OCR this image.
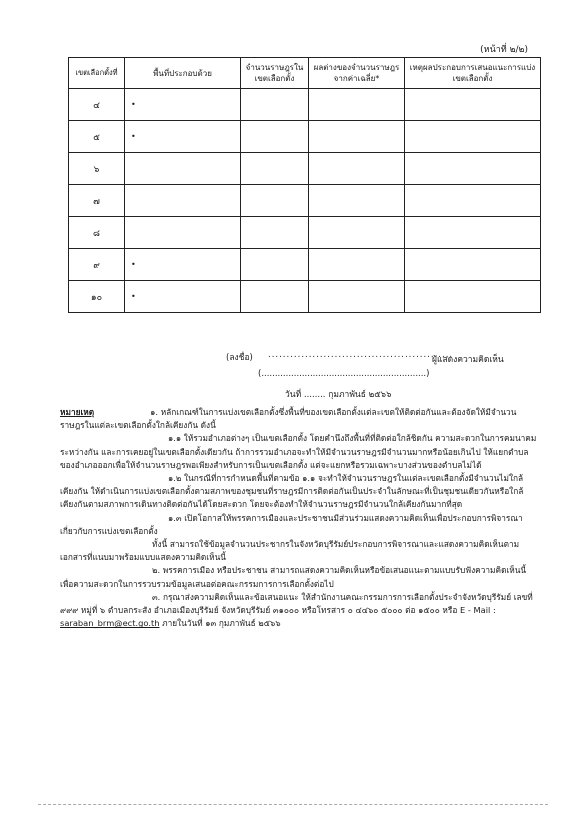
(หน้าที่ ๒/๒)
เขตเลือกตั้งที่	พื้นที่ประกอบด้วย	จำนวนราษฎรในเขตเลือกตั้ง	ผลต่างของจำนวนราษฎรจากค่าเฉลี่ย*	เหตุผลประกอบการเสนอแนะการแบ่งเขตเลือกตั้ง
๔	•			
๕	•			
๖				
๗				
๘				
๙	•			
๑๐	•			
(ลงชื่อ) ..................................................
ผู้แสดงความคิดเห็น
(.............................................................)
วันที่ ........ กุมภาพันธ์ ๒๕๖๖

หมายเหตุ	๑. หลักเกณฑ์ในการแบ่งเขตเลือกตั้งซึ่งพื้นที่ของเขตเลือกตั้งแต่ละเขตให้ติดต่อกันและต้องจัดให้มีจำนวนราษฎรในแต่ละเขตเลือกตั้งใกล้เคียงกัน ดังนี้

๑.๑ ให้รวมอำเภอต่างๆ เป็นเขตเลือกตั้ง โดยคำนึงถึงพื้นที่ที่ติดต่อใกล้ชิดกัน ความสะดวกในการคมนาคมระหว่างกัน และการเคยอยู่ในเขตเลือกตั้งเดียวกัน ถ้าการรวมอำเภอจะทำให้มีจำนวนราษฎรมีจำนวนมากหรือน้อยเกินไป ให้แยกตำบลของอำเภอออกเพื่อให้จำนวนราษฎรพอเพียงสำหรับการเป็นเขตเลือกตั้ง แต่จะแยกหรือรวมเฉพาะบางส่วนของตำบลไม่ได้

๑.๒ ในกรณีที่การกำหนดพื้นที่ตามข้อ ๑.๑ จะทำให้จำนวนราษฎรในแต่ละเขตเลือกตั้งมีจำนวนไม่ใกล้เคียงกัน ให้ดำเนินการแบ่งเขตเลือกตั้งตามสภาพของชุมชนที่ราษฎรมีการติดต่อกันเป็นประจำในลักษณะที่เป็นชุมชนเดียวกันหรือใกล้เคียงกันตามสภาพการเดินทางติดต่อกันได้โดยสะดวก โดยจะต้องทำให้จำนวนราษฎรมีจำนวนใกล้เคียงกันมากที่สุด

๑.๓ เปิดโอกาสให้พรรคการเมืองและประชาชนมีส่วนร่วมแสดงความคิดเห็นเพื่อประกอบการพิจารณาเกี่ยวกับการแบ่งเขตเลือกตั้ง

ทั้งนี้ สามารถใช้ข้อมูลจำนวนประชากรในจังหวัดบุรีรัมย์ประกอบการพิจารณาและแสดงความคิดเห็นตามเอกสารที่แนบมาพร้อมแบบแสดงความคิดเห็นนี้

๒. พรรคการเมือง หรือประชาชน สามารถแสดงความคิดเห็นหรือข้อเสนอแนะตามแบบรับฟังความคิดเห็นนี้ เพื่อความสะดวกในการรวบรวมข้อมูลเสนอต่อคณะกรรมการการเลือกตั้งต่อไป

๓. กรุณาส่งความคิดเห็นและข้อเสนอแนะ ให้สำนักงานคณะกรรมการการเลือกตั้งประจำจังหวัดบุรีรัมย์ เลขที่ ๙๙๙ หมู่ที่ ๖ ตำบลกระสัง อำเภอเมืองบุรีรัมย์ จังหวัดบุรีรัมย์ ๓๑๐๐๐ หรือโทรสาร ๐ ๔๔๖๐ ๕๐๐๐ ต่อ ๑๕๐๐ หรือ E - Mail : saraban_brm@ect.go.th ภายในวันที่ ๑๓ กุมภาพันธ์ ๒๕๖๖
